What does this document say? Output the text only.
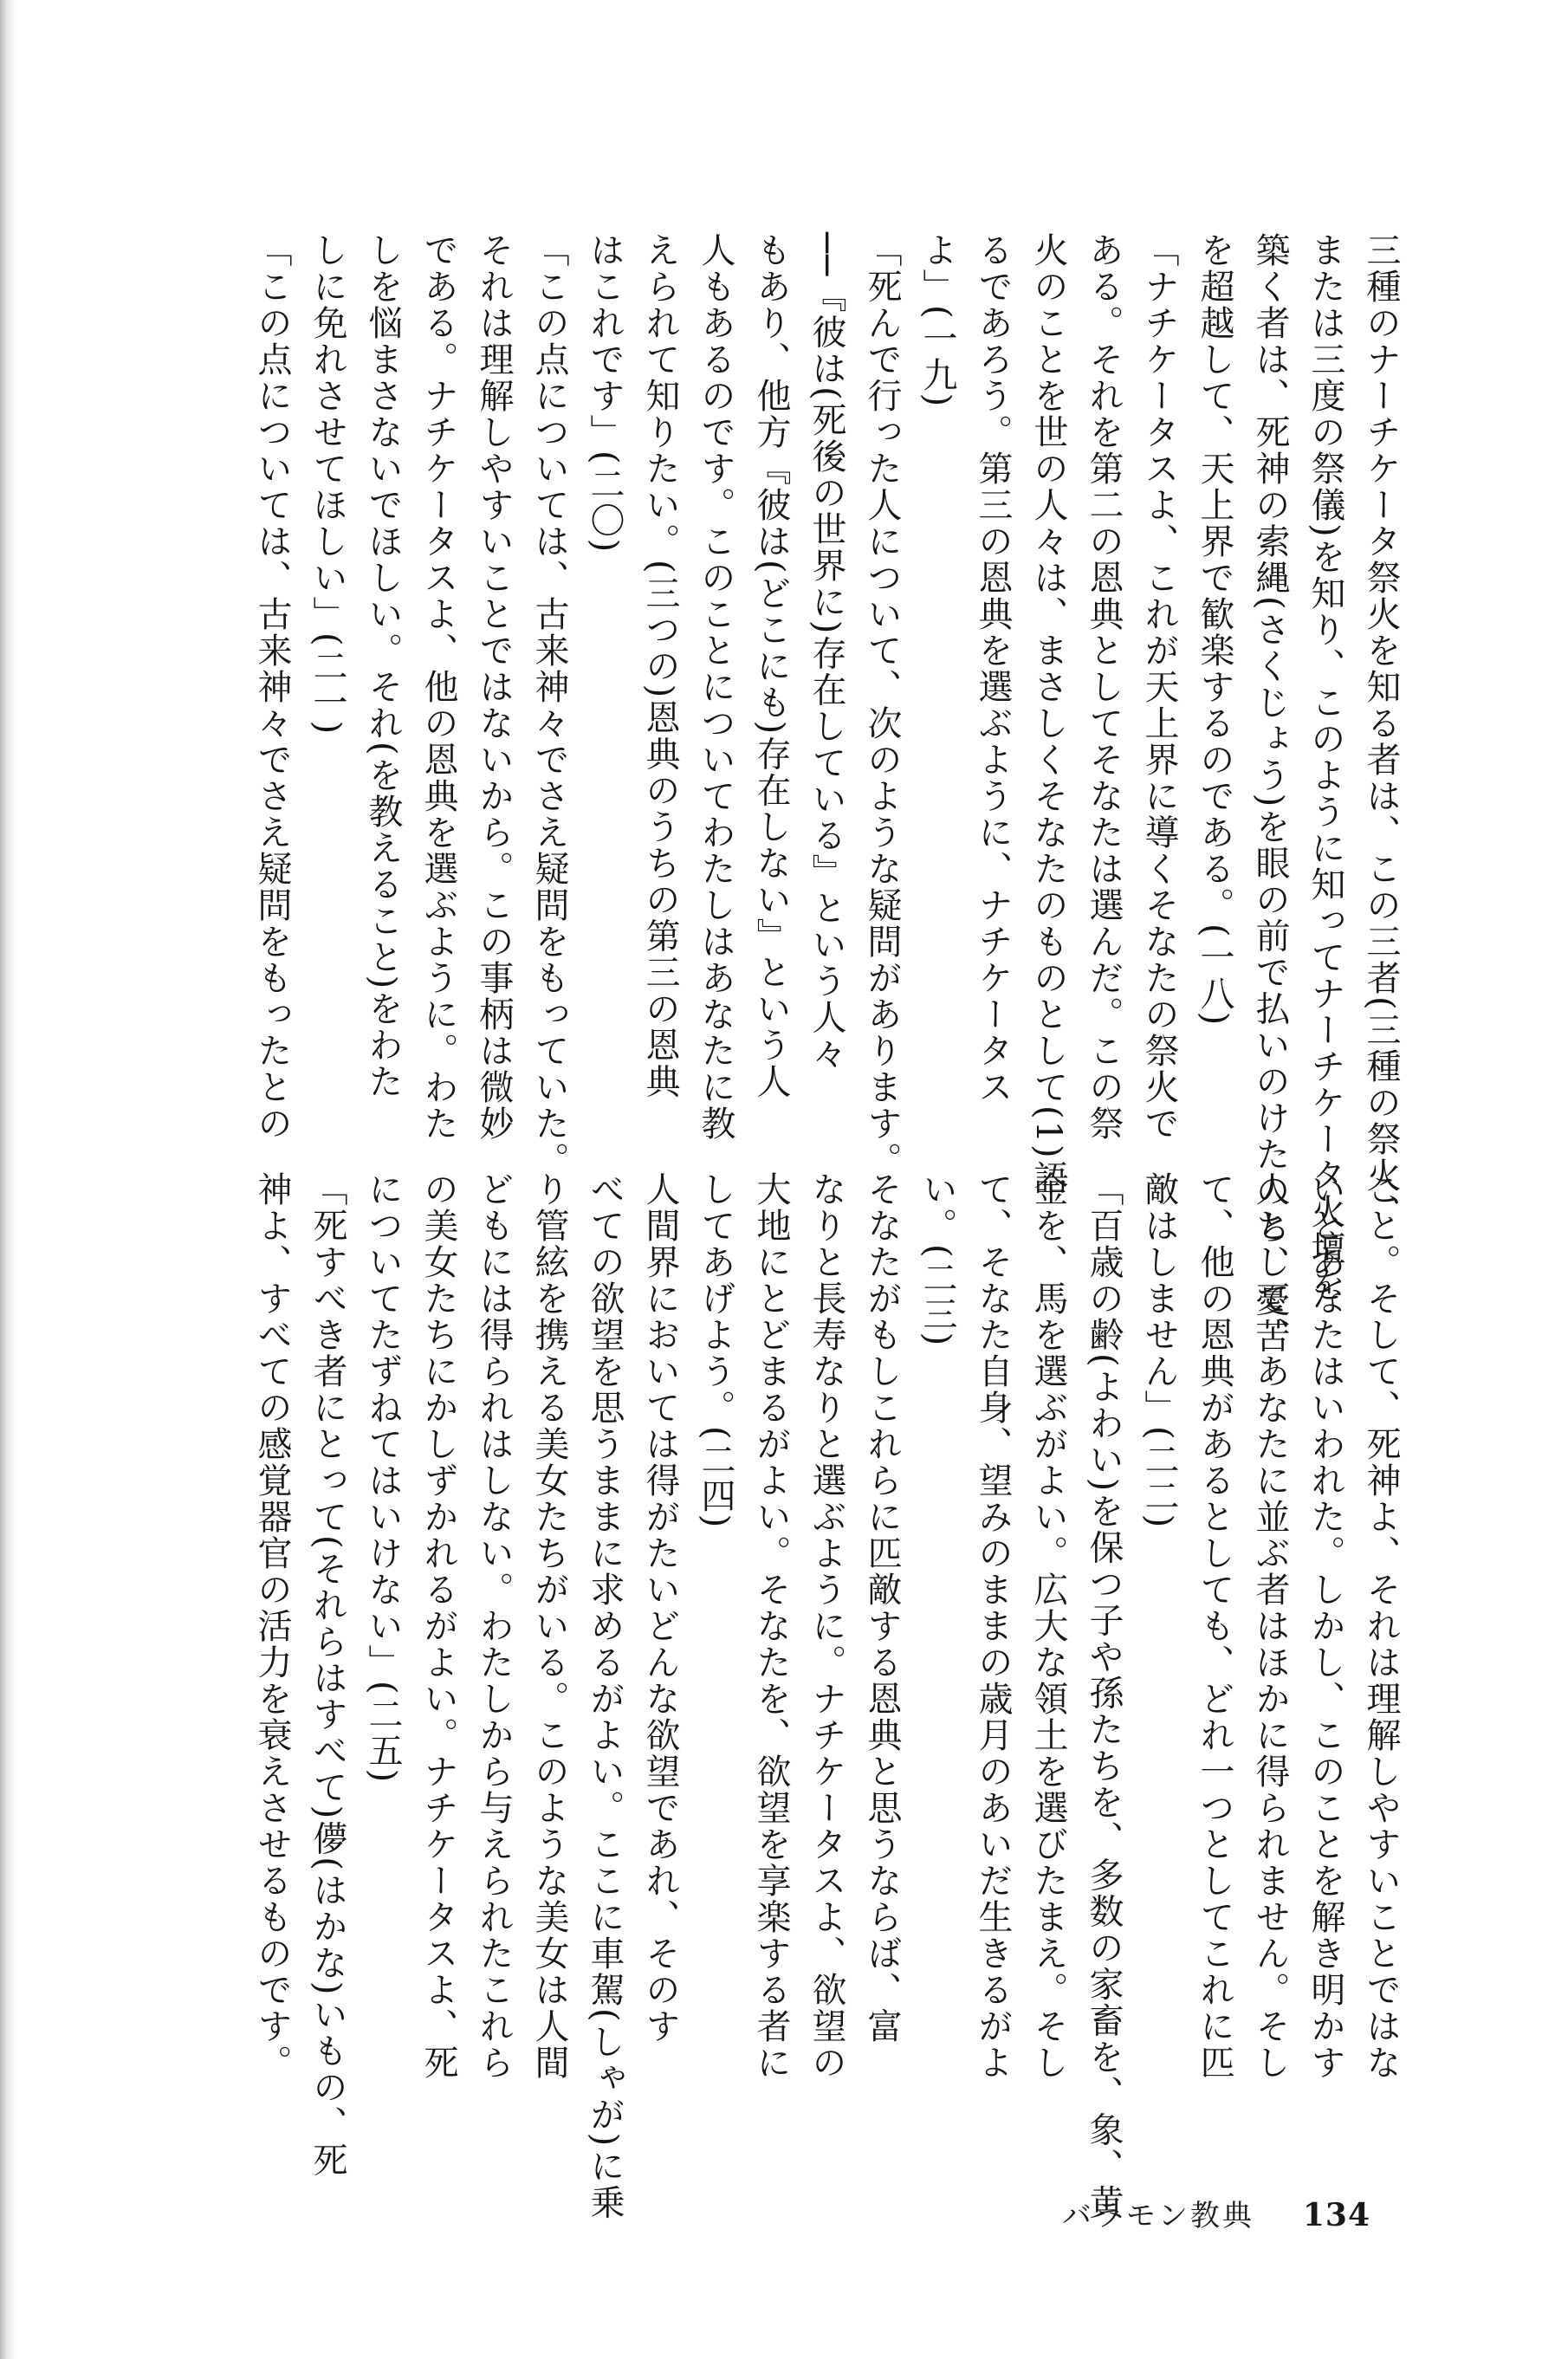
三種のナーチケータ祭火を知る者は、この三者(三種の祭火、

または三度の祭儀)を知り、このように知ってナーチケータ火壇を

築く者は、死神の索縄(さくじょう)を眼の前で払いのけたのち、憂苦

を超越して、天上界で歓楽するのである。(一八)

「ナチケータスよ、これが天上界に導くそなたの祭火で

ある。それを第二の恩典としてそなたは選んだ。この祭

火のことを世の人々は、まさしくそなたのものとして(1)語

るであろう。第三の恩典を選ぶように、ナチケータス

よ」(一九)

「死んで行った人について、次のような疑問があります。

──『彼は(死後の世界に)存在している』という人々

もあり、他方『彼は(どこにも)存在しない』という人

人もあるのです。このことについてわたしはあなたに教

えられて知りたい。(三つの)恩典のうちの第三の恩典

はこれです」(二〇)

「この点については、古来神々でさえ疑問をもっていた。

それは理解しやすいことではないから。この事柄は微妙

である。ナチケータスよ、他の恩典を選ぶように。わた

しを悩まさないでほしい。それ(を教えること)をわた

しに免れさせてほしい」(二一)

「この点については、古来神々でさえ疑問をもったとの

こと。そして、死神よ、それは理解しやすいことではな

いとあなたはいわれた。しかし、このことを解き明かす

人として、あなたに並ぶ者はほかに得られません。そし

て、他の恩典があるとしても、どれ一つとしてこれに匹

敵はしません」(二二)

「百歳の齢(よわい)を保つ子や孫たちを、多数の家畜を、象、黄

金を、馬を選ぶがよい。広大な領土を選びたまえ。そし

て、そなた自身、望みのままの歳月のあいだ生きるがよ

い。(二三)

そなたがもしこれらに匹敵する恩典と思うならば、富

なりと長寿なりと選ぶように。ナチケータスよ、欲望の

大地にとどまるがよい。そなたを、欲望を享楽する者に

してあげよう。(二四)

人間界においては得がたいどんな欲望であれ、そのす

べての欲望を思うままに求めるがよい。ここに車駕(しゃが)に乗

り管絃を携える美女たちがいる。このような美女は人間

どもには得られはしない。わたしから与えられたこれら

の美女たちにかしずかれるがよい。ナチケータスよ、死

についてたずねてはいけない」(二五)

「死すべき者にとって(それらはすべて)儚(はかな)いもの、死

神よ、すべての感覚器官の活力を衰えさせるものです。

バラモン教典 134
